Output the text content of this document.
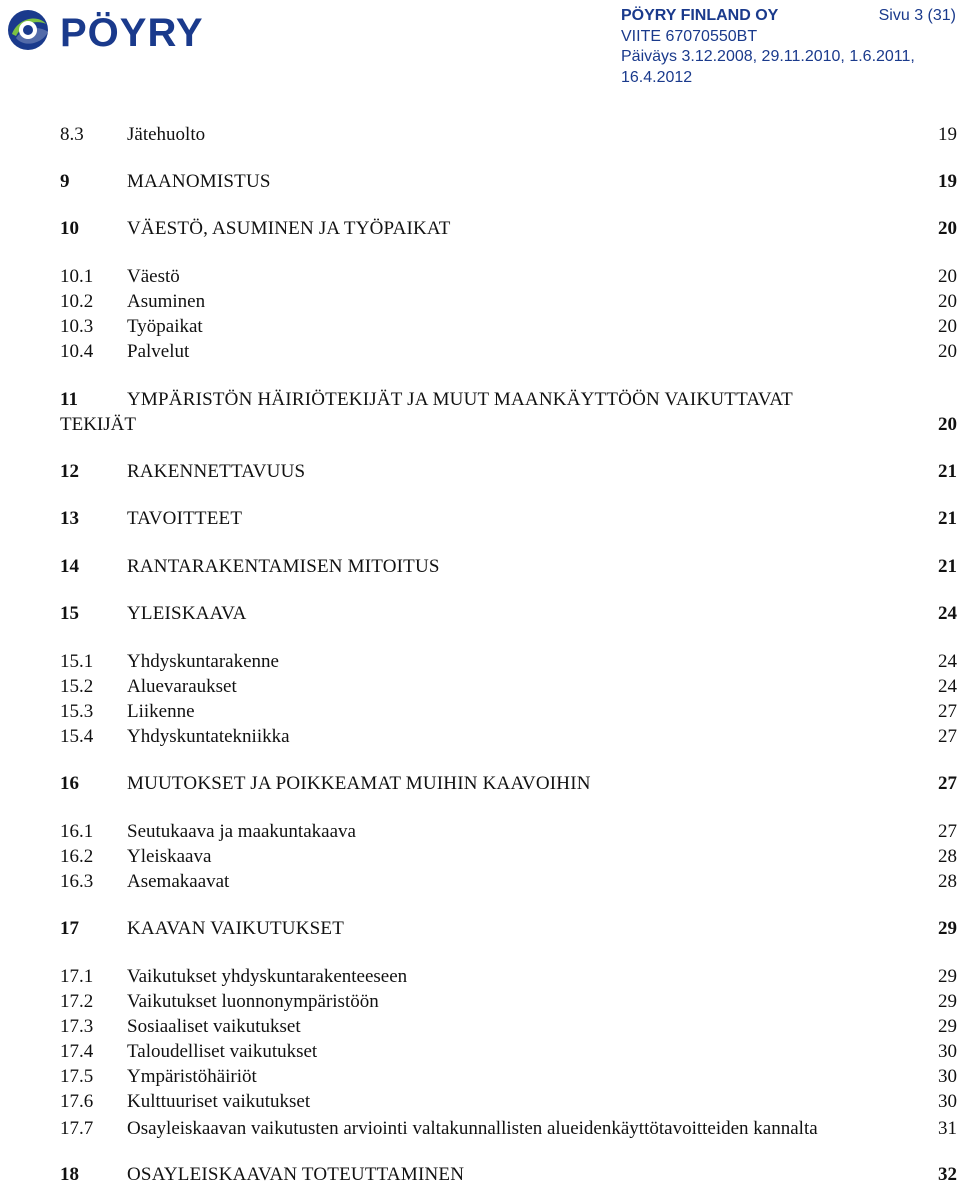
PÖYRY	PÖYRY FINLAND OY	Sivu 3 (31)
VIITE 67070550BT
Päiväys 3.12.2008, 29.11.2010, 1.6.2011,
16.4.2012
8.3 Jätehuolto	19
9	MAANOMISTUS	19
10	VÄESTÖ, ASUMINEN JA TYÖPAIKAT	20
10.1 Väestö	20
10.2 Asuminen	20
10.3 Työpaikat	20
10.4 Palvelut	20
11	YMPÄRISTÖN HÄIRIÖTEKIJÄT JA MUUT MAANKÄYTTÖÖN VAIKUTTAVAT
TEKIJÄT	20
12	RAKENNETTAVUUS	21
13	TAVOITTEET	21
14	RANTARAKENTAMISEN MITOITUS	21
15	YLEISKAAVA	24
15.1 Yhdyskuntarakenne	24
15.2 Aluevaraukset	24
15.3 Liikenne	27
15.4 Yhdyskuntatekniikka	27
16	MUUTOKSET JA POIKKEAMAT MUIHIN KAAVOIHIN	27
16.1 Seutukaava ja maakuntakaava	27
16.2 Yleiskaava	28
16.3 Asemakaavat	28
17	KAAVAN VAIKUTUKSET	29
17.1 Vaikutukset yhdyskuntarakenteeseen	29
17.2 Vaikutukset luonnonympäristöön	29
17.3 Sosiaaliset vaikutukset	29
17.4 Taloudelliset vaikutukset	30
17.5 Ympäristöhäiriöt	30
17.6 Kulttuuriset vaikutukset	30
17.7 Osayleiskaavan vaikutusten arviointi valtakunnallisten alueidenkäyttötavoitteiden kannalta	31
18	OSAYLEISKAAVAN TOTEUTTAMINEN	32
